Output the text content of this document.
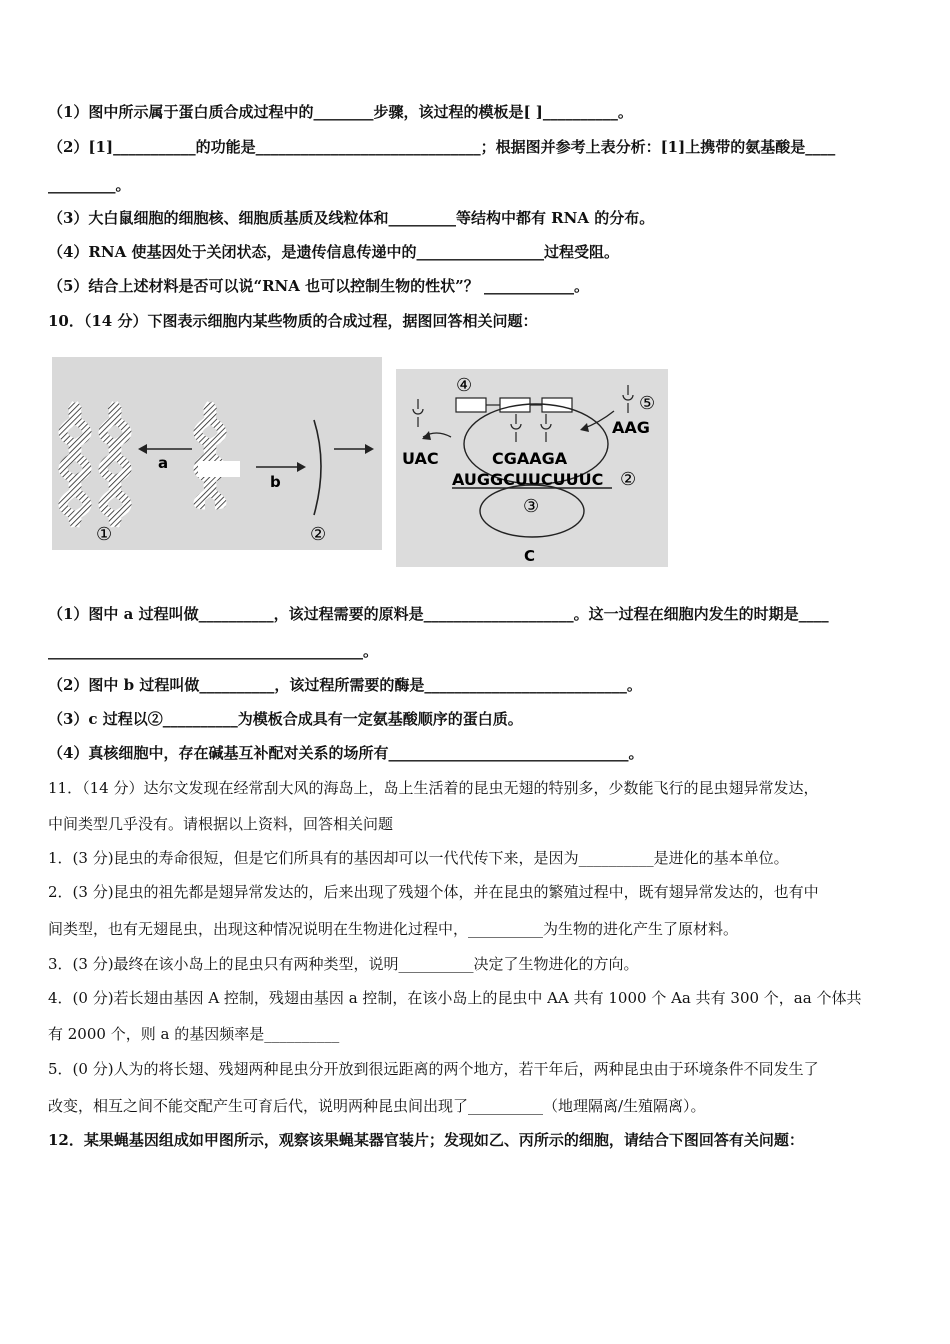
（1）图中所示属于蛋白质合成过程中的________步骤，该过程的模板是[ ]__________。
（2）[1]___________的功能是______________________________；根据图并参考上表分析：[1]上携带的氨基酸是____
_________。
（3）大白鼠细胞的细胞核、细胞质基质及线粒体和_________等结构中都有 RNA 的分布。
（4）RNA 使基因处于关闭状态，是遗传信息传递中的_________________过程受阻。
（5）结合上述材料是否可以说“RNA 也可以控制生物的性状”？ ____________。
10．（14 分）下图表示细胞内某些物质的合成过程，据图回答相关问题：
a
b
①	②
④
⑤
UAC
AAG
CGAAGA
AUGGCUUCUUUC ②
③
C
（1）图中 a 过程叫做__________，该过程需要的原料是____________________。这一过程在细胞内发生的时期是____
__________________________________________。
（2）图中 b 过程叫做__________，该过程所需要的酶是___________________________。
（3）c 过程以②__________为模板合成具有一定氨基酸顺序的蛋白质。
（4）真核细胞中，存在碱基互补配对关系的场所有________________________________。
11．（14 分）达尔文发现在经常刮大风的海岛上，岛上生活着的昆虫无翅的特别多，少数能飞行的昆虫翅异常发达，
中间类型几乎没有。请根据以上资料，回答相关问题
1．(3 分)昆虫的寿命很短，但是它们所具有的基因却可以一代代传下来，是因为__________是进化的基本单位。
2．(3 分)昆虫的祖先都是翅异常发达的，后来出现了残翅个体，并在昆虫的繁殖过程中，既有翅异常发达的，也有中
间类型，也有无翅昆虫，出现这种情况说明在生物进化过程中，__________为生物的进化产生了原材料。
3．(3 分)最终在该小岛上的昆虫只有两种类型，说明__________决定了生物进化的方向。
4．(0 分)若长翅由基因 A 控制，残翅由基因 a 控制，在该小岛上的昆虫中 AA 共有 1000 个 Aa 共有 300 个，aa 个体共
有 2000 个，则 a 的基因频率是__________
5．(0 分)人为的将长翅、残翅两种昆虫分开放到很远距离的两个地方，若干年后，两种昆虫由于环境条件不同发生了
改变，相互之间不能交配产生可育后代，说明两种昆虫间出现了__________（地理隔离/生殖隔离）。
12．某果蝇基因组成如甲图所示，观察该果蝇某器官装片；发现如乙、丙所示的细胞，请结合下图回答有关问题：
